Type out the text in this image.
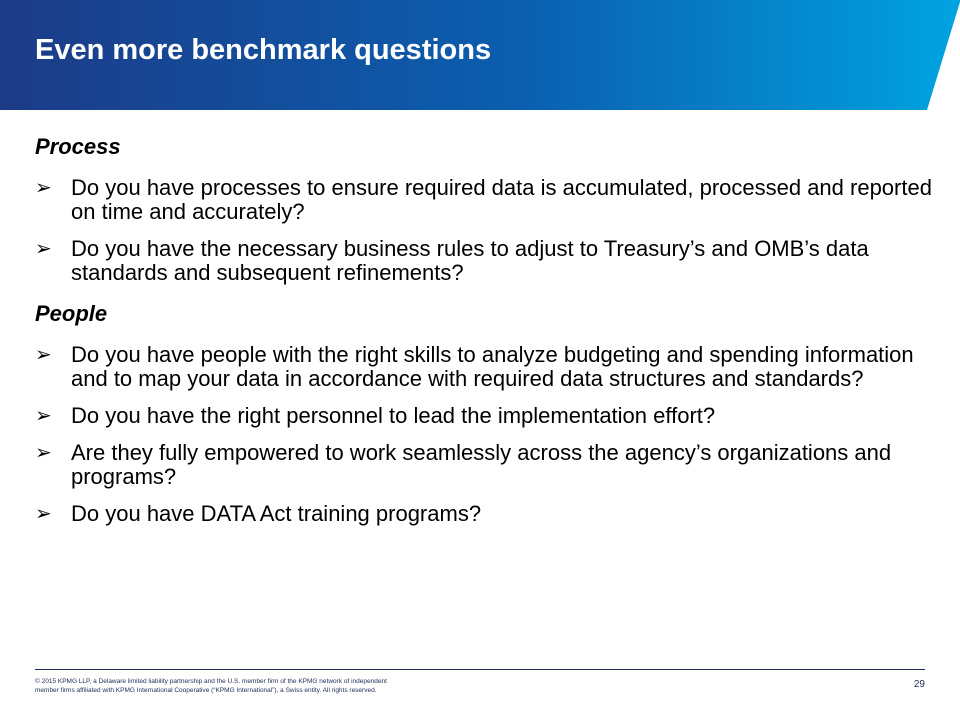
Even more benchmark questions
Process
➢ Do you have processes to ensure required data is accumulated, processed and reported on time and accurately?
➢ Do you have the necessary business rules to adjust to Treasury’s and OMB’s data standards and subsequent refinements?
People
➢ Do you have people with the right skills to analyze budgeting and spending information and to map your data in accordance with required data structures and standards?
➢ Do you have the right personnel to lead the implementation effort?
➢ Are they fully empowered to work seamlessly across the agency’s organizations and programs?
➢ Do you have DATA Act training programs?
© 2015 KPMG LLP, a Delaware limited liability partnership and the U.S. member firm of the KPMG network of independent
member firms affiliated with KPMG International Cooperative (“KPMG International”), a Swiss entity. All rights reserved.
29
